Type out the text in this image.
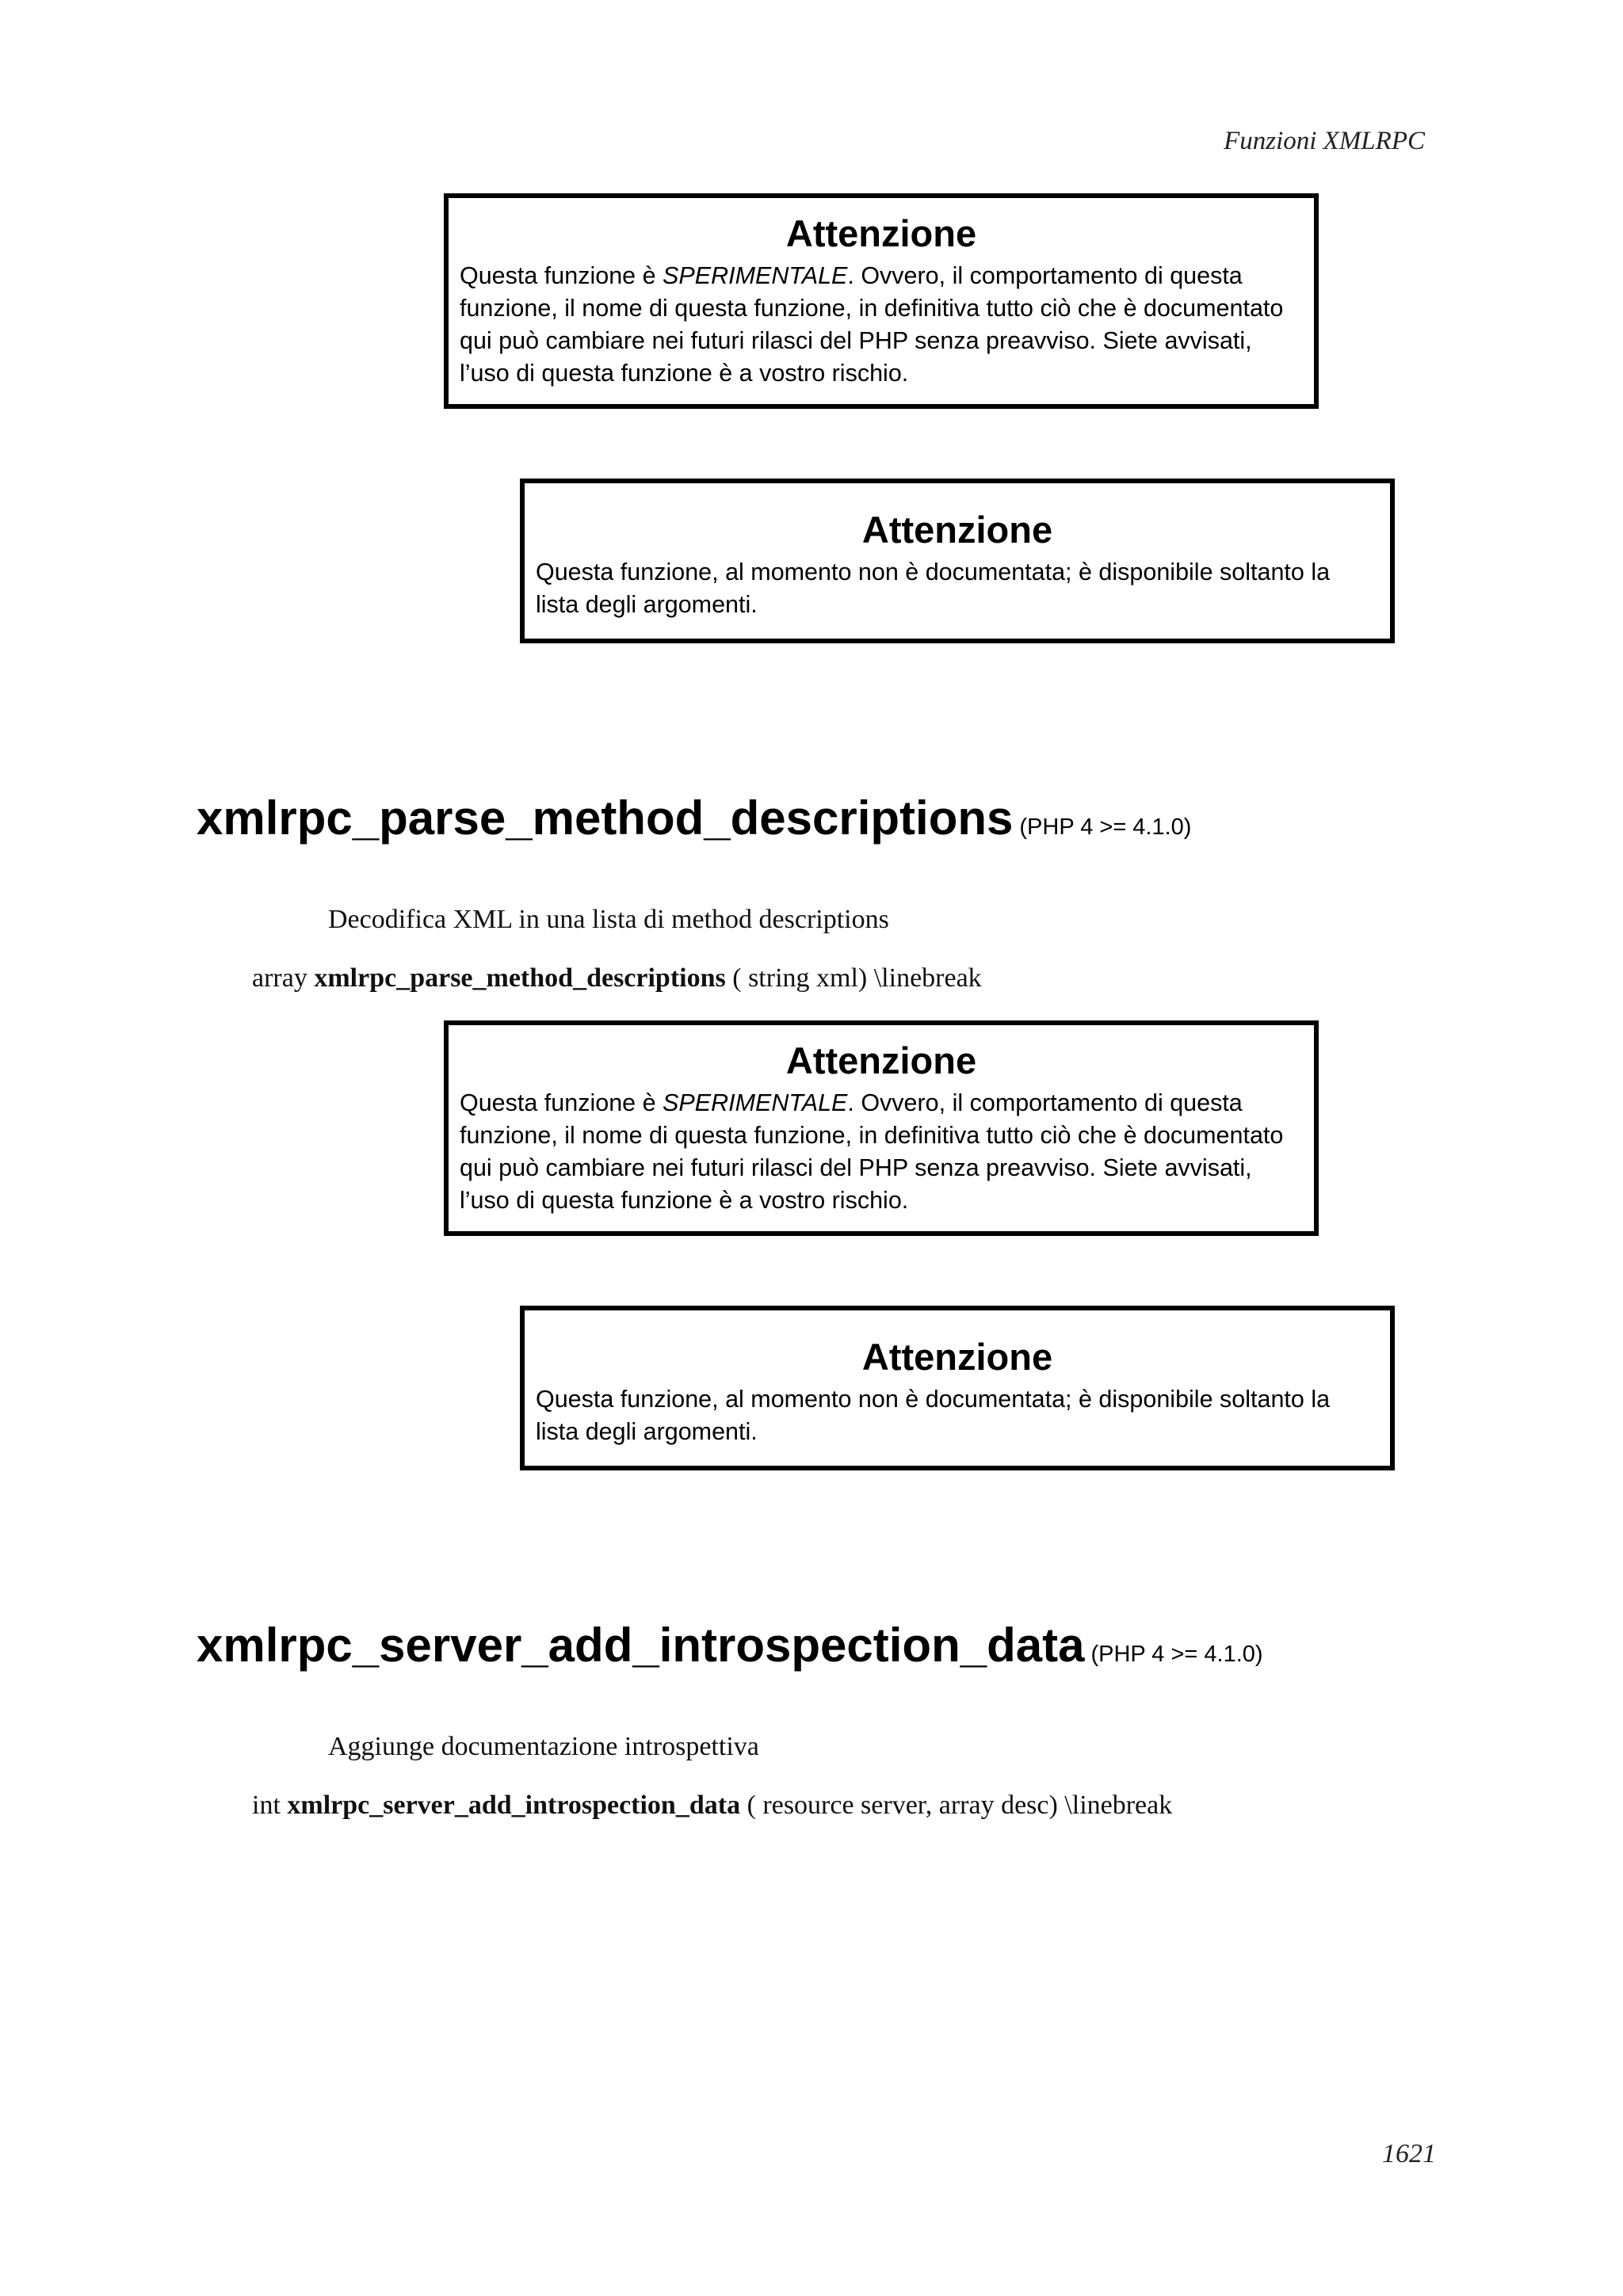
Funzioni XMLRPC
Attenzione
Questa funzione è SPERIMENTALE. Ovvero, il comportamento di questa funzione, il nome di questa funzione, in definitiva tutto ciò che è documentato qui può cambiare nei futuri rilasci del PHP senza preavviso. Siete avvisati, l’uso di questa funzione è a vostro rischio.
Attenzione
Questa funzione, al momento non è documentata; è disponibile soltanto la lista degli argomenti.
xmlrpc_parse_method_descriptions (PHP 4 >= 4.1.0)
Decodifica XML in una lista di method descriptions
array xmlrpc_parse_method_descriptions ( string xml) \linebreak
Attenzione
Questa funzione è SPERIMENTALE. Ovvero, il comportamento di questa funzione, il nome di questa funzione, in definitiva tutto ciò che è documentato qui può cambiare nei futuri rilasci del PHP senza preavviso. Siete avvisati, l’uso di questa funzione è a vostro rischio.
Attenzione
Questa funzione, al momento non è documentata; è disponibile soltanto la lista degli argomenti.
xmlrpc_server_add_introspection_data (PHP 4 >= 4.1.0)
Aggiunge documentazione introspettiva
int xmlrpc_server_add_introspection_data ( resource server, array desc) \linebreak
1621
